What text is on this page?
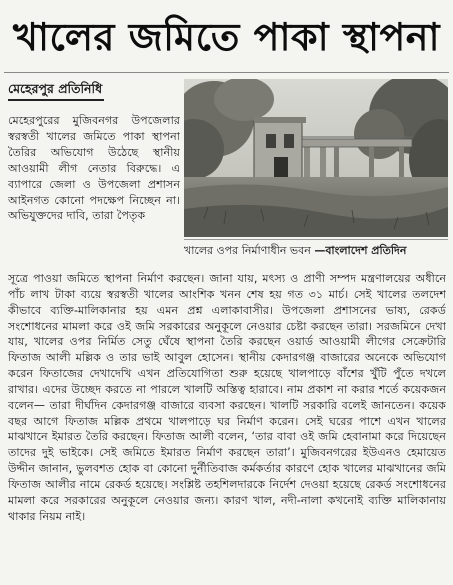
খালের জমিতে পাকা স্থাপনা
মেহেরপুর প্রতিনিধি

মেহেরপুরের মুজিবনগর উপজেলার স্বরস্বতী খালের জমিতে পাকা স্থাপনা তৈরির অভিযোগ উঠেছে স্থানীয় আওয়ামী লীগ নেতার বিরুদ্ধে। এ ব্যাপারে জেলা ও উপজেলা প্রশাসন আইনগত কোনো পদক্ষেপ নিচ্ছেন না। অভিযুক্তদের দাবি, তারা পৈতৃক

খালের ওপর নির্মাণাধীন ভবন —বাংলাদেশ প্রতিদিন

সূত্রে পাওয়া জমিতে স্থাপনা নির্মাণ করছেন। জানা যায়, মৎস্য ও প্রাণী সম্পদ মন্ত্রণালয়ের অধীনে পাঁচ লাখ টাকা ব্যয়ে স্বরস্বতী খালের আংশিক খনন শেষ হয় গত ৩১ মার্চ। সেই খালের তলদেশ কীভাবে ব্যক্তি-মালিকানার হয় এমন প্রশ্ন এলাকাবাসীর। উপজেলা প্রশাসনের ভাষ্য, রেকর্ড সংশোধনের মামলা করে ওই জমি সরকারের অনুকূলে নেওয়ার চেষ্টা করছেন তারা। সরজমিনে দেখা যায়, খালের ওপর নির্মিত সেতু ঘেঁষে স্থাপনা তৈরি করছেন ওয়ার্ড আওয়ামী লীগের সেক্রেটারি ফিতাজ আলী মল্লিক ও তার ভাই আবুল হোসেন। স্থানীয় কেদারগঞ্জ বাজারের অনেকে অভিযোগ করেন ফিতাজের দেখাদেখি এখন প্রতিযোগিতা শুরু হয়েছে খালপাড়ে বাঁশের খুঁটি পুঁতে দখলে রাখার। এদের উচ্ছেদ করতে না পারলে খালটি অস্তিত্ব হারাবে। নাম প্রকাশ না করার শর্তে কয়েকজন বলেন— তারা দীর্ঘদিন কেদারগঞ্জ বাজারে ব্যবসা করছেন। খালটি সরকারি বলেই জানতেন। কয়েক বছর আগে ফিতাজ মল্লিক প্রথমে খালপাড়ে ঘর নির্মাণ করেন। সেই ঘরের পাশে এখন খালের মাঝখানে ইমারত তৈরি করছেন। ফিতাজ আলী বলেন, ‘তার বাবা ওই জমি হেবানামা করে দিয়েছেন তাদের দুই ভাইকে। সেই জমিতে ইমারত নির্মাণ করছেন তারা’। মুজিবনগরের ইউএনও হেমায়েত উদ্দীন জানান, ভুলবশত হোক বা কোনো দুর্নীতিবাজ কর্মকর্তার কারণে হোক খালের মাঝখানের জমি ফিতাজ আলীর নামে রেকর্ড হয়েছে। সংশ্লিষ্ট তহশিলদারকে নির্দেশ দেওয়া হয়েছে রেকর্ড সংশোধনের মামলা করে সরকারের অনুকূলে নেওয়ার জন্য। কারণ খাল, নদী-নালা কখনোই ব্যক্তি মালিকানায় থাকার নিয়ম নাই।
